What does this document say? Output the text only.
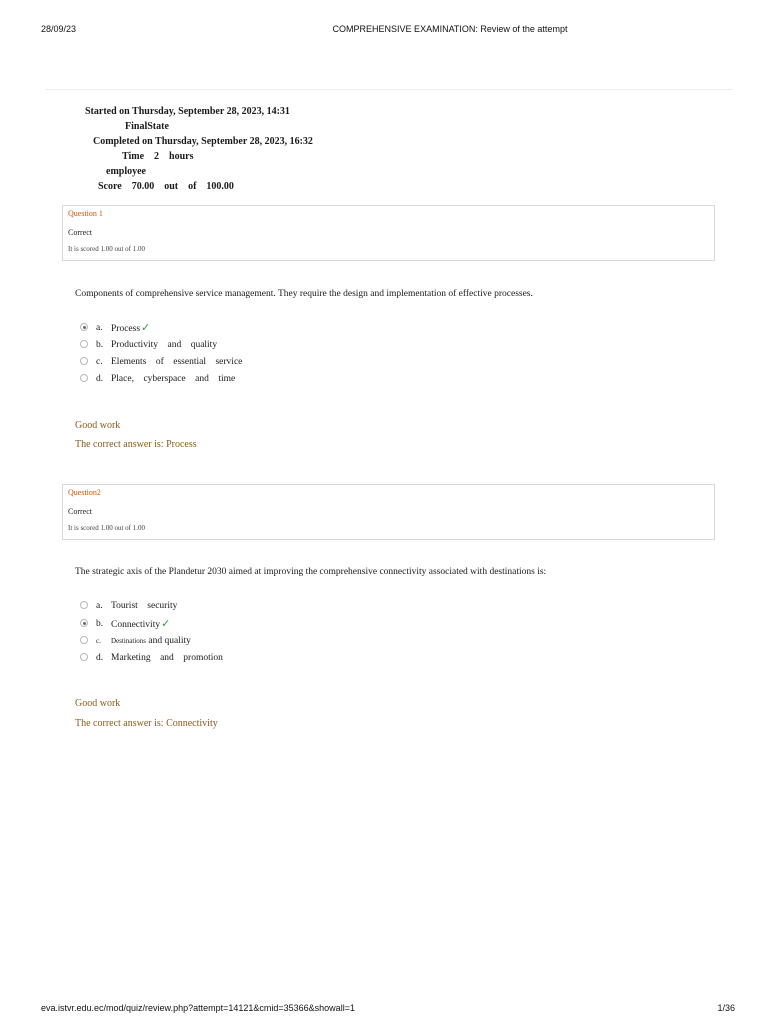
28/09/23	COMPREHENSIVE EXAMINATION: Review of the attempt
Started on Thursday, September 28, 2023, 14:31
FinalState
Completed on Thursday, September 28, 2023, 16:32
Time    2    hours
employee
Score    70.00    out    of    100.00
Question 1
Correct
It is scored 1.00 out of 1.00
Components of comprehensive service management. They require the design and implementation of effective processes.

a.

Process✓

b.

Productivity    and    quality

c.

Elements    of    essential    service

d.

Place,    cyberspace    and    time

Good work
The correct answer is: Process
Question2
Correct
It is scored 1.00 out of 1.00
The strategic axis of the Plandetur 2030 aimed at improving the comprehensive connectivity associated with destinations is:

a.

Tourist    security

b.

Connectivity✓

c.

Destinations and quality

d.

Marketing    and    promotion

Good work
The correct answer is: Connectivity
eva.istvr.edu.ec/mod/quiz/review.php?attempt=14121&cmid=35366&showall=1	1/36
